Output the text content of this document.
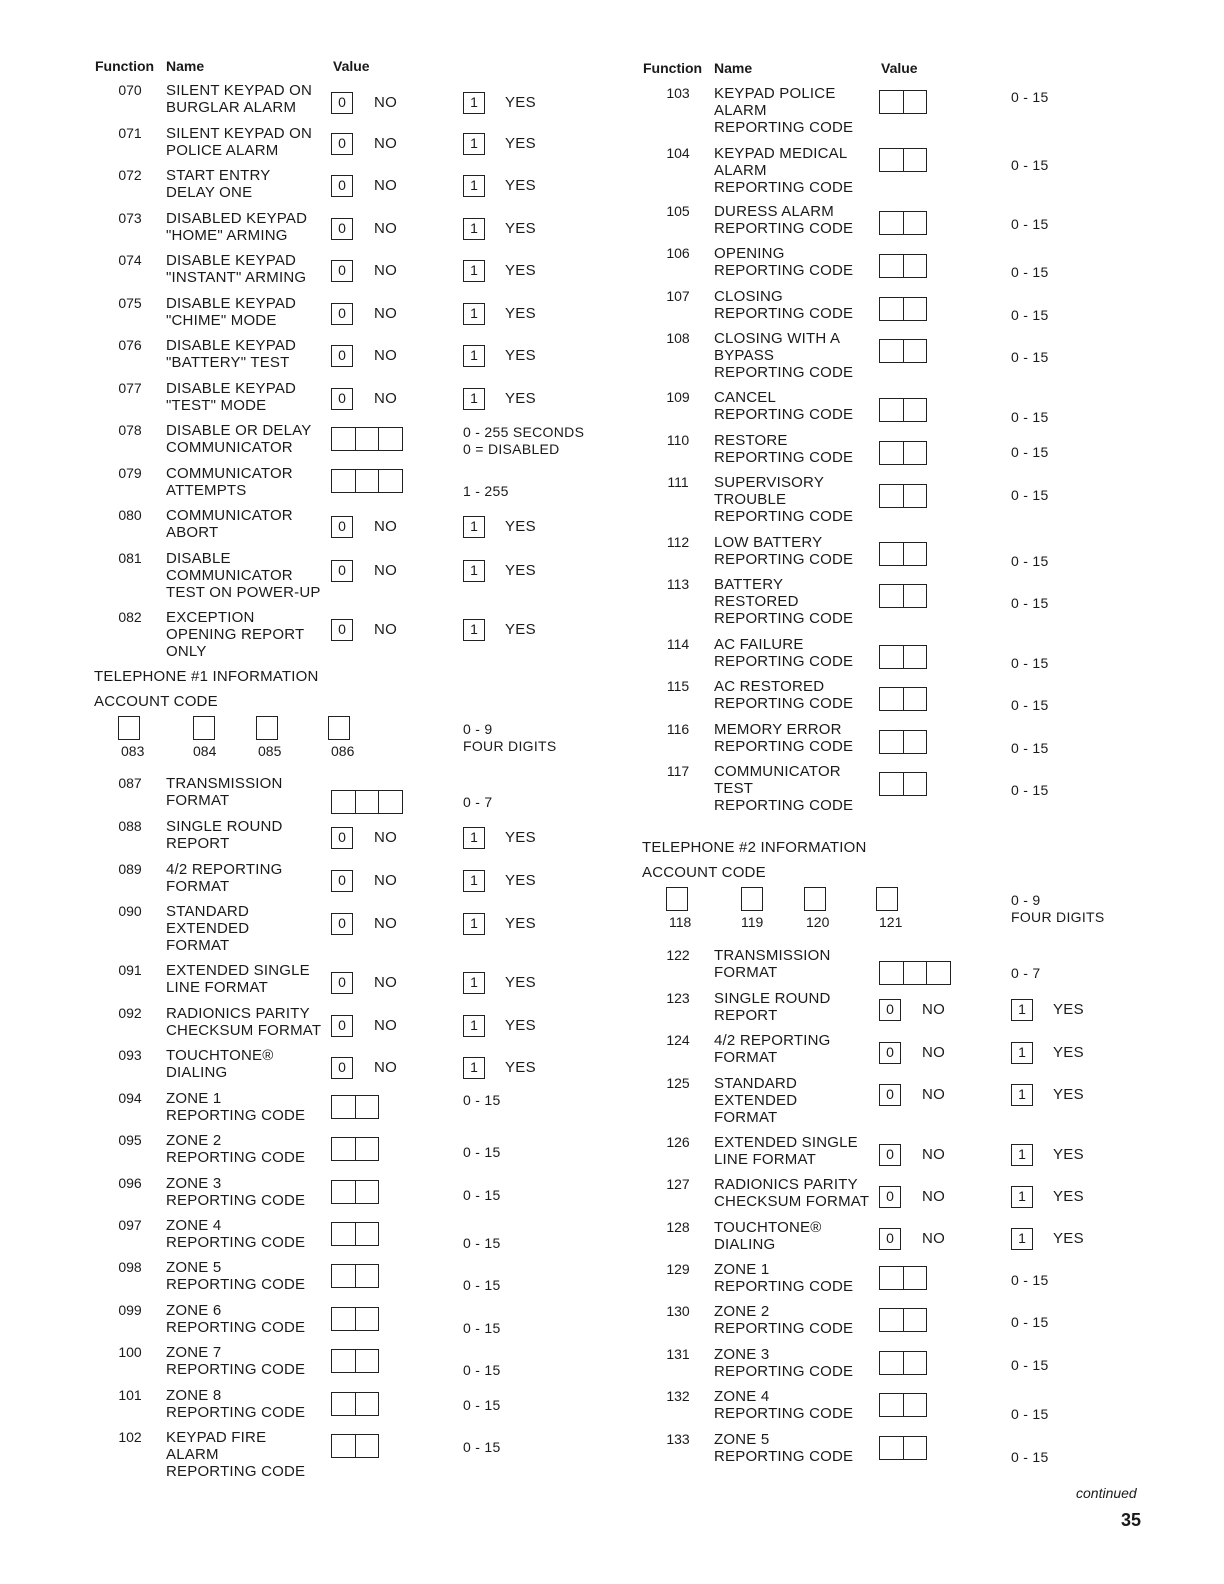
Function Name	Value
070	SILENT KEYPAD ON
BURGLAR ALARM	0	NO	1	YES
071	SILENT KEYPAD ON
POLICE ALARM	0	NO	1	YES
072	START ENTRY
DELAY ONE	0	NO	1	YES
073	DISABLED KEYPAD
"HOME" ARMING	0	NO	1	YES
074	DISABLE KEYPAD
"INSTANT" ARMING	0	NO	1	YES
075	DISABLE KEYPAD
"CHIME" MODE	0	NO	1	YES
076	DISABLE KEYPAD
"BATTERY" TEST	0	NO	1	YES
077	DISABLE KEYPAD
"TEST" MODE	0	NO	1	YES
078	DISABLE OR DELAY
COMMUNICATOR
0 - 255 SECONDS
0 = DISABLED
079	COMMUNICATOR
ATTEMPTS	1 - 255
080	COMMUNICATOR
ABORT	0	NO	1	YES
081	DISABLE
COMMUNICATOR
TEST ON POWER-UP
0	NO	1	YES
082	EXCEPTION
OPENING REPORT
ONLY
0	NO	1	YES
TELEPHONE #1 INFORMATION
ACCOUNT CODE
083	084	085	086
0 - 9
FOUR DIGITS
087	TRANSMISSION
FORMAT	0 - 7
088	SINGLE ROUND
REPORT	0	NO	1	YES
089	4/2 REPORTING
FORMAT	0	NO	1	YES
090	STANDARD
EXTENDED
FORMAT
0	NO	1	YES
091	EXTENDED SINGLE
LINE FORMAT	0	NO	1	YES
092	RADIONICS PARITY
CHECKSUM FORMAT	0	NO	1	YES
093	TOUCHTONE®
DIALING	0	NO	1	YES
094	ZONE 1
REPORTING CODE
0 - 15
095	ZONE 2
REPORTING CODE	0 - 15
096	ZONE 3
REPORTING CODE	0 - 15
097	ZONE 4
REPORTING CODE	0 - 15
098	ZONE 5
REPORTING CODE	0 - 15
099	ZONE 6
REPORTING CODE	0 - 15
100	ZONE 7
REPORTING CODE	0 - 15
101	ZONE 8
REPORTING CODE	0 - 15
102	KEYPAD FIRE
ALARM
REPORTING CODE
0 - 15
Function Name	Value
103	KEYPAD POLICE
ALARM
REPORTING CODE
0 - 15
104	KEYPAD MEDICAL
ALARM
REPORTING CODE
0 - 15
105	DURESS ALARM
REPORTING CODE	0 - 15
106	OPENING
REPORTING CODE	0 - 15
107	CLOSING
REPORTING CODE	0 - 15
108	CLOSING WITH A
BYPASS
REPORTING CODE
0 - 15
109	CANCEL
REPORTING CODE	0 - 15
110	RESTORE
REPORTING CODE	0 - 15
111	SUPERVISORY
TROUBLE
REPORTING CODE
0 - 15
112	LOW BATTERY
REPORTING CODE	0 - 15
113	BATTERY
RESTORED
REPORTING CODE
0 - 15
114	AC FAILURE
REPORTING CODE	0 - 15
115	AC RESTORED
REPORTING CODE	0 - 15
116	MEMORY ERROR
REPORTING CODE	0 - 15
117	COMMUNICATOR
TEST
REPORTING CODE
0 - 15
TELEPHONE #2 INFORMATION
ACCOUNT CODE
118	119	120	121
0 - 9
FOUR DIGITS
122	TRANSMISSION
FORMAT	0 - 7
123	SINGLE ROUND
REPORT	0	NO	1	YES
124	4/2 REPORTING
FORMAT	0	NO	1	YES
125	STANDARD
EXTENDED
FORMAT
0	NO	1	YES
126	EXTENDED SINGLE
LINE FORMAT	0	NO	1	YES
127	RADIONICS PARITY
CHECKSUM FORMAT	0	NO	1	YES
128	TOUCHTONE®
DIALING	0	NO	1	YES
129	ZONE 1
REPORTING CODE	0 - 15
130	ZONE 2
REPORTING CODE	0 - 15
131	ZONE 3
REPORTING CODE	0 - 15
132	ZONE 4
REPORTING CODE	0 - 15
133	ZONE 5
REPORTING CODE	0 - 15
continued
35
